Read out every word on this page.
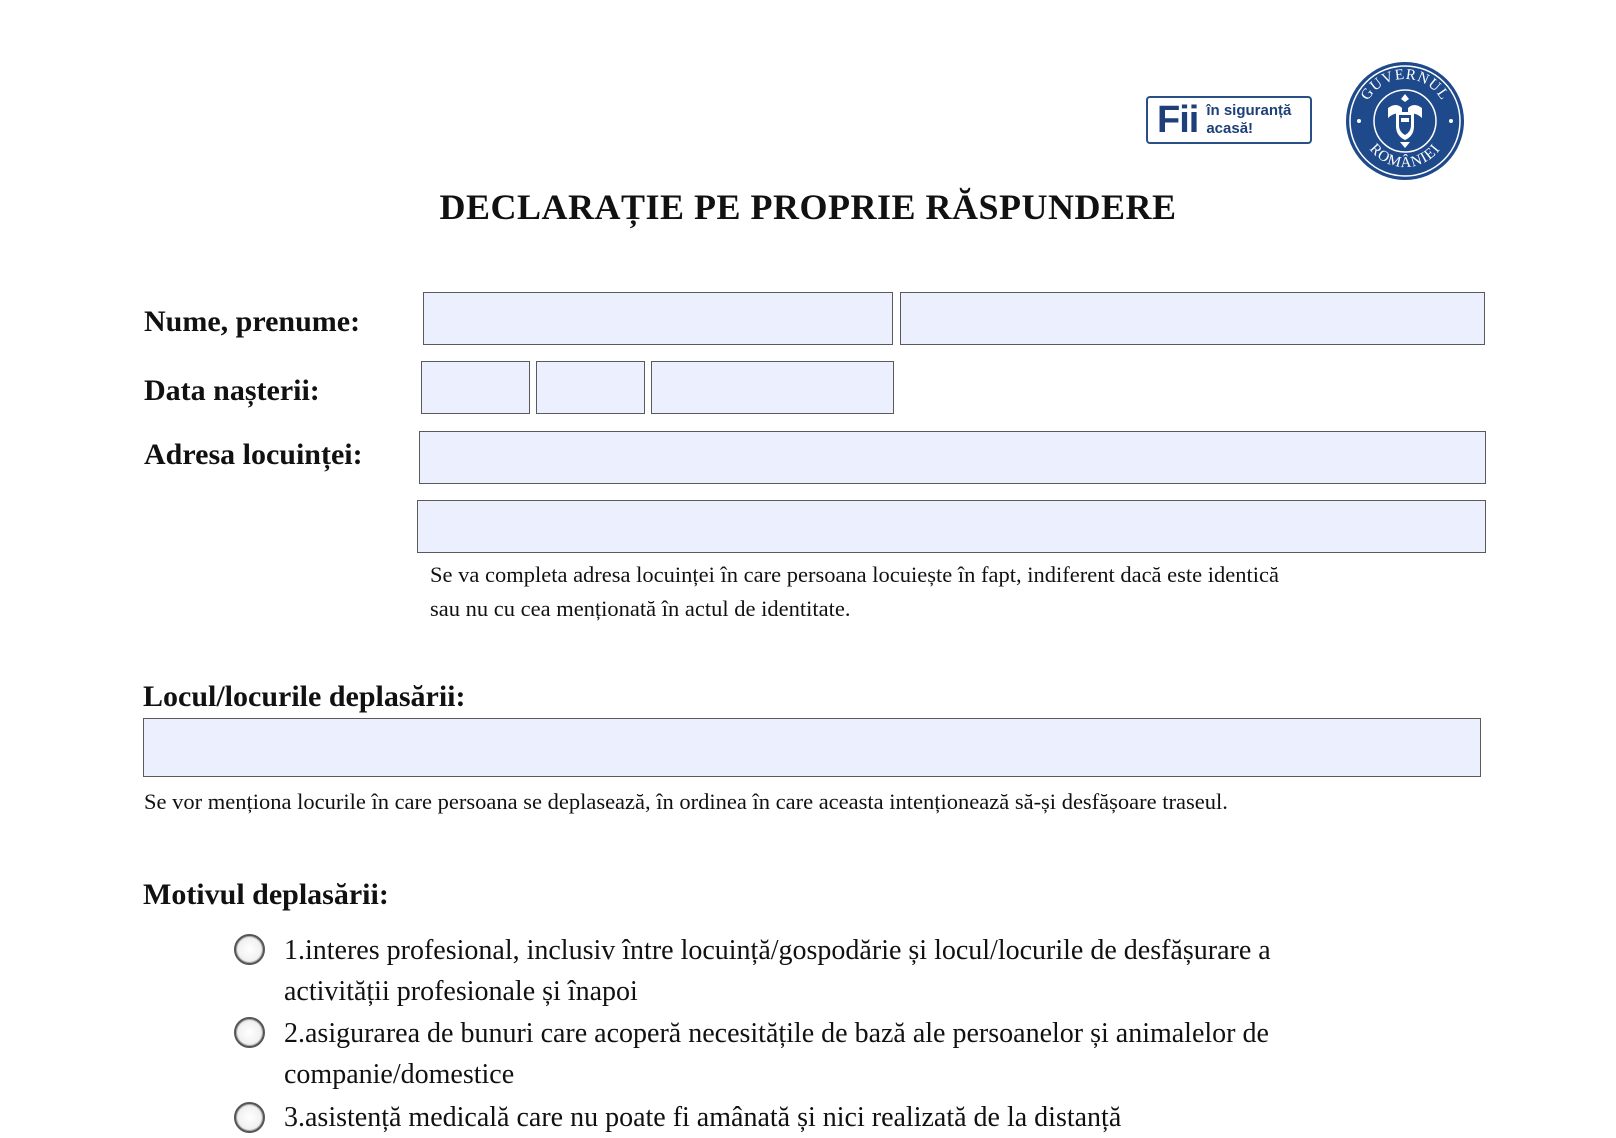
Fii în siguranță
acasă!
GUVERNUL
ROMÂNIEI
DECLARAȚIE PE PROPRIE RĂSPUNDERE
Nume, prenume:
Data nașterii:
Adresa locuinței:
Se va completa adresa locuinței în care persoana locuiește în fapt, indiferent dacă este identică
sau nu cu cea menționată în actul de identitate.
Locul/locurile deplasării:
Se vor menționa locurile în care persoana se deplasează, în ordinea în care aceasta intenționează să-și desfășoare traseul.
Motivul deplasării:
1.interes profesional, inclusiv între locuință/gospodărie și locul/locurile de desfășurare a
activității profesionale și înapoi
2.asigurarea de bunuri care acoperă necesitățile de bază ale persoanelor și animalelor de
companie/domestice
3.asistență medicală care nu poate fi amânată și nici realizată de la distanță
